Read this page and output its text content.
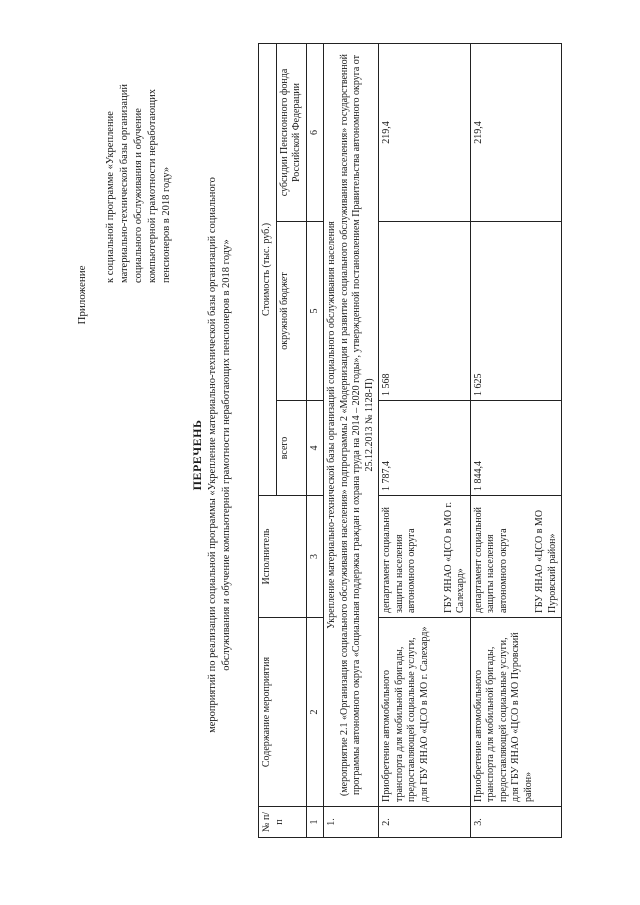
Приложение
к социальной программе «Укрепление материально-технической базы организаций социального обслуживания и обучение компьютерной грамотности неработающих пенсионеров в 2018 году»
ПЕРЕЧЕНЬ мероприятий по реализации социальной программы «Укрепление материально-технической базы организаций социального обслуживания и обучение компьютерной грамотности неработающих пенсионеров в 2018 году»
№ п/п	Содержание мероприятия	Исполнитель	Стоимость (тыс. руб.)		
			всего	окружной бюджет	субсидии Пенсионного фонда Российской Федерации
1	2	3	4	5	6
1.	Укрепление материально-технической базы организаций социального обслуживания населения (мероприятие 2.1 «Организация социального обслуживания населения» подпрограммы 2 «Модернизация и развитие социального обслуживания населения» государственной программы автономного округа «Социальная поддержка граждан и охрана труда на 2014 – 2020 годы», утвержденной постановлением Правительства автономного округа от 25.12.2013 № 1128-П)				

2.	Приобретение автомобильного транспорта для мобильной бригады, предоставляющей социальные услуги, для ГБУ ЯНАО «ЦСО в МО г. Салехард»	департамент социальной защиты населения автономного округа ГБУ ЯНАО «ЦСО в МО г. Салехард»	1 787,4	1 568	219,4
3.	Приобретение автомобильного транспорта для мобильной бригады, предоставляющей социальные услуги, для ГБУ ЯНАО «ЦСО в МО Пуровский район»	департамент социальной защиты населения автономного округа ГБУ ЯНАО «ЦСО в МО Пуровский район»	1 844,4	1 625	219,4
